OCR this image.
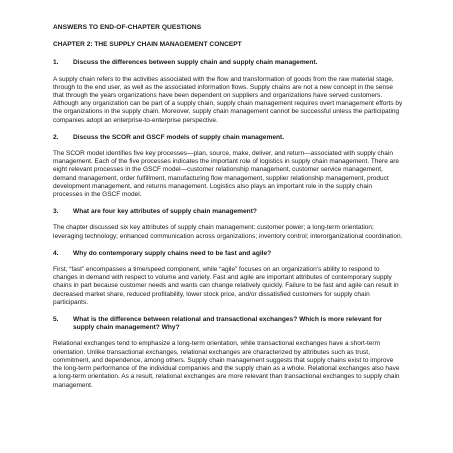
ANSWERS TO END-OF-CHAPTER QUESTIONS
CHAPTER 2: THE SUPPLY CHAIN MANAGEMENT CONCEPT
1.	Discuss the differences between supply chain and supply chain management.
A supply chain refers to the activities associated with the flow and transformation of goods from the raw material stage, through to the end user, as well as the associated information flows. Supply chains are not a new concept in the sense that through the years organizations have been dependent on suppliers and organizations have served customers. Although any organization can be part of a supply chain, supply chain management requires overt management efforts by the organizations in the supply chain. Moreover, supply chain management cannot be successful unless the participating companies adopt an enterprise-to-enterprise perspective.
2.	Discuss the SCOR and GSCF models of supply chain management.
The SCOR model identifies five key processes—plan, source, make, deliver, and return—associated with supply chain management. Each of the five processes indicates the important role of logistics in supply chain management. There are eight relevant processes in the GSCF model—customer relationship management, customer service management, demand management, order fulfillment, manufacturing flow management, supplier relationship management, product development management, and returns management. Logistics also plays an important role in the supply chain processes in the GSCF model.
3.	What are four key attributes of supply chain management?
The chapter discussed six key attributes of supply chain management: customer power; a long-term orientation; leveraging technology; enhanced communication across organizations; inventory control; interorganizational coordination.
4.	Why do contemporary supply chains need to be fast and agile?
First, “fast” encompasses a time/speed component, while “agile” focuses on an organization’s ability to respond to changes in demand with respect to volume and variety. Fast and agile are important attributes of contemporary supply chains in part because customer needs and wants can change relatively quickly. Failure to be fast and agile can result in decreased market share, reduced profitability, lower stock price, and/or dissatisfied customers for supply chain participants.
5.	What is the difference between relational and transactional exchanges? Which is more relevant for supply chain management? Why?
Relational exchanges tend to emphasize a long-term orientation, while transactional exchanges have a short-term orientation. Unlike transactional exchanges, relational exchanges are characterized by attributes such as trust, commitment, and dependence, among others. Supply chain management suggests that supply chains exist to improve the long-term performance of the individual companies and the supply chain as a whole. Relational exchanges also have a long-term orientation. As a result, relational exchanges are more relevant than transactional exchanges to supply chain management.
